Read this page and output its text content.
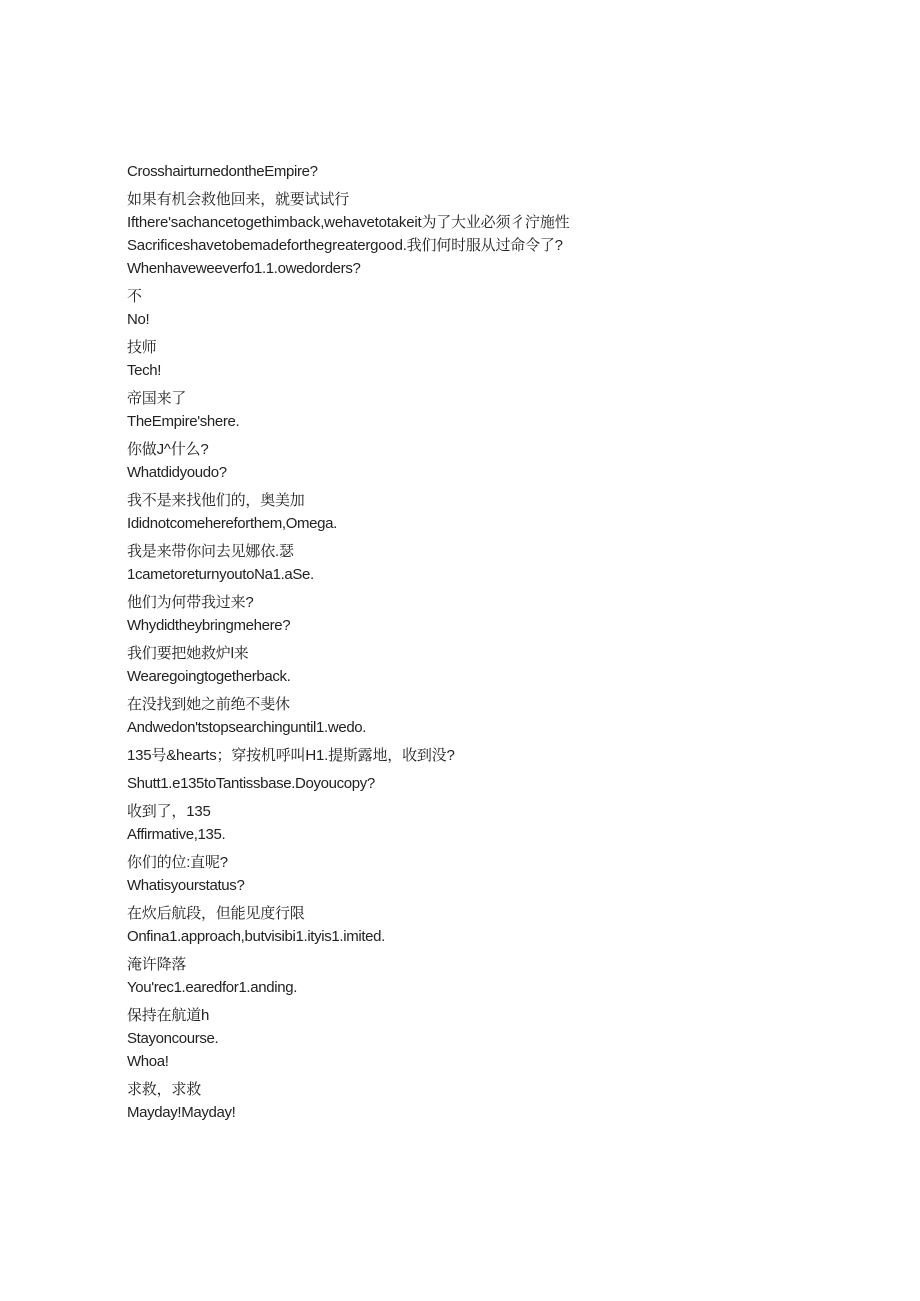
CrosshairturnedontheEmpire?
如果有机会救他回来，就要试试行
Ifthere'sachancetogethimback,wehavetotakeit为了大业必须彳泞施性
Sacrificeshavetobemadeforthegreatergood.我们何时服从过命令了?
Whenhaveweeverfo1.1.owedorders?
不
No!
技师
Tech!
帝国来了
TheEmpire'shere.
你做J^什么?
Whatdidyoudo?
我不是来找他们的，奥美加
Ididnotcomehereforthem,Omega.
我是来带你问去见娜依.瑟
1cametoreturnyoutoNa1.aSe.
他们为何带我过来?
Whydidtheybringmehere?
我们要把她救炉l来
Wearegoingtogetherback.
在没找到她之前绝不斐休
Andwedon'tstopsearchinguntil1.wedo.
135号&hearts；穿按机呼叫H1.提斯露地，收到没?
Shutt1.e135toTantissbase.Doyoucopy?
收到了，135
Affirmative,135.
你们的位:直呢?
Whatisyourstatus?
在炊后航段，但能见度行限
Onfina1.approach,butvisibi1.ityis1.imited.
淹许降落
You'rec1.earedfor1.anding.
保持在航道h
Stayoncourse.
Whoa!
求救，求救
Mayday!Mayday!
